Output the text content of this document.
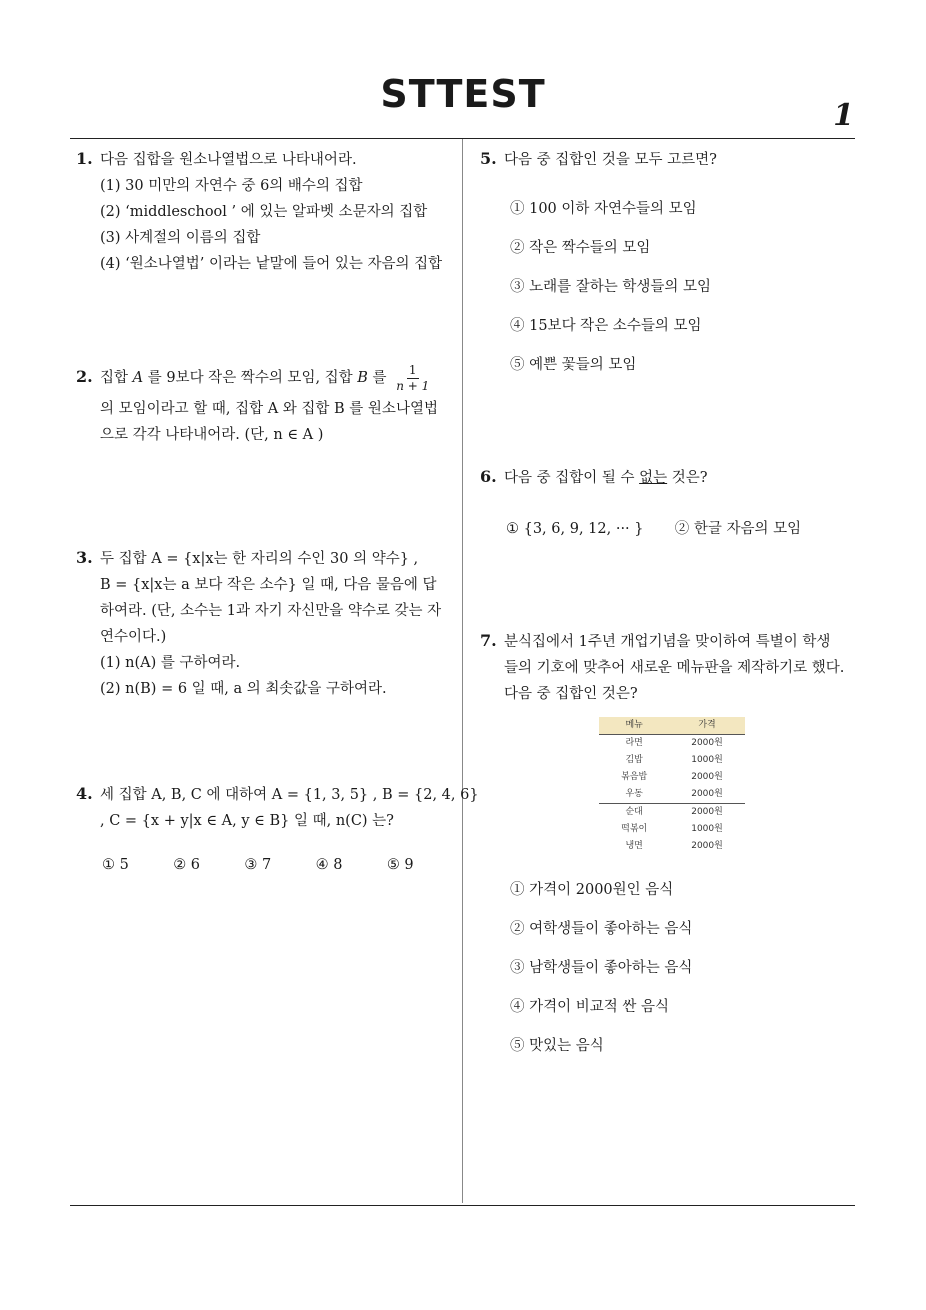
STTEST	1
1. 다음 집합을 원소나열법으로 나타내어라.
(1) 30 미만의 자연수 중 6의 배수의 집합
(2) ‘middleschool ’ 에 있는 알파벳 소문자의 집합
(3) 사계절의 이름의 집합
(4) ‘원소나열법’ 이라는 낱말에 들어 있는 자음의 집합
2. 집합 A 를 9보다 작은 짝수의 모임, 집합 B 를 $\frac{1}{n + 1}$
의 모임이라고 할 때, 집합 A 와 집합 B 를 원소나열법
으로 각각 나타내어라. (단, n ∈ A )
3. 두 집합 A = {x|x는 한 자리의 수인 30 의 약수} ,
B = {x|x는 a 보다 작은 소수} 일 때, 다음 물음에 답
하여라. (단, 소수는 1과 자기 자신만을 약수로 갖는 자
연수이다.)
(1) n(A) 를 구하여라.
(2) n(B) = 6 일 때, a 의 최솟값을 구하여라.
4. 세 집합 A, B, C 에 대하여 A = {1, 3, 5} , B = {2, 4, 6}
, C = {x + y|x ∈ A, y ∈ B} 일 때, n(C) 는?
① 5	② 6	③ 7	④ 8	⑤ 9
5. 다음 중 집합인 것을 모두 고르면?
① 100 이하 자연수들의 모임
② 작은 짝수들의 모임
③ 노래를 잘하는 학생들의 모임
④ 15보다 작은 소수들의 모임
⑤ 예쁜 꽃들의 모임
6. 다음 중 집합이 될 수 없는 것은?
① {3, 6, 9, 12, ··· } ② 한글 자음의 모임
7. 분식집에서 1주년 개업기념을 맞이하여 특별이 학생
들의 기호에 맞추어 새로운 메뉴판을 제작하기로 했다.
다음 중 집합인 것은?
메뉴	가격
라면	2000원
김밥	1000원
볶음밥	2000원
우동	2000원
순대	2000원
떡볶이	1000원
냉면	2000원
① 가격이 2000원인 음식
② 여학생들이 좋아하는 음식
③ 남학생들이 좋아하는 음식
④ 가격이 비교적 싼 음식
⑤ 맛있는 음식
